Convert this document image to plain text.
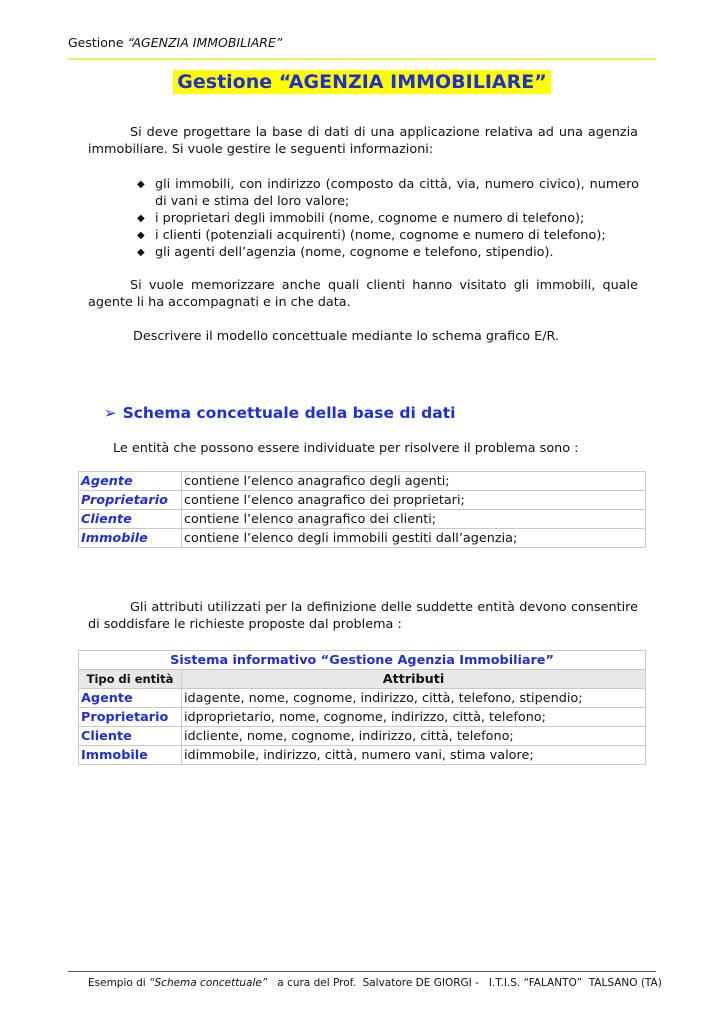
Gestione “AGENZIA IMMOBILIARE”
Gestione “AGENZIA IMMOBILIARE”
Si deve progettare la base di dati di una applicazione relativa ad una agenzia immobiliare. Si vuole gestire le seguenti informazioni:
◆ gli immobili, con indirizzo (composto da città, via, numero civico), numero di vani e stima del loro valore;
◆ i proprietari degli immobili (nome, cognome e numero di telefono);
◆ i clienti (potenziali acquirenti) (nome, cognome e numero di telefono);
◆ gli agenti dell’agenzia (nome, cognome e telefono, stipendio).
Si vuole memorizzare anche quali clienti hanno visitato gli immobili, quale agente li ha accompagnati e in che data.
Descrivere il modello concettuale mediante lo schema grafico E/R.
➢ Schema concettuale della base di dati
Le entità che possono essere individuate per risolvere il problema sono :
Agente	contiene l’elenco anagrafico degli agenti;
Proprietario	contiene l’elenco anagrafico dei proprietari;
Cliente	contiene l’elenco anagrafico dei clienti;
Immobile	contiene l’elenco degli immobili gestiti dall’agenzia;
Gli attributi utilizzati per la definizione delle suddette entità devono consentire di soddisfare le richieste proposte dal problema :
Sistema informativo “Gestione Agenzia Immobiliare”	
Tipo di entità	Attributi
Agente	idagente, nome, cognome, indirizzo, città, telefono, stipendio;
Proprietario	idproprietario, nome, cognome, indirizzo, città, telefono;
Cliente	idcliente, nome, cognome, indirizzo, città, telefono;
Immobile	idimmobile, indirizzo, città, numero vani, stima valore;
Esempio di “Schema concettuale”   a cura del Prof.  Salvatore DE GIORGI -   I.T.I.S. “FALANTO”  TALSANO (TA)
